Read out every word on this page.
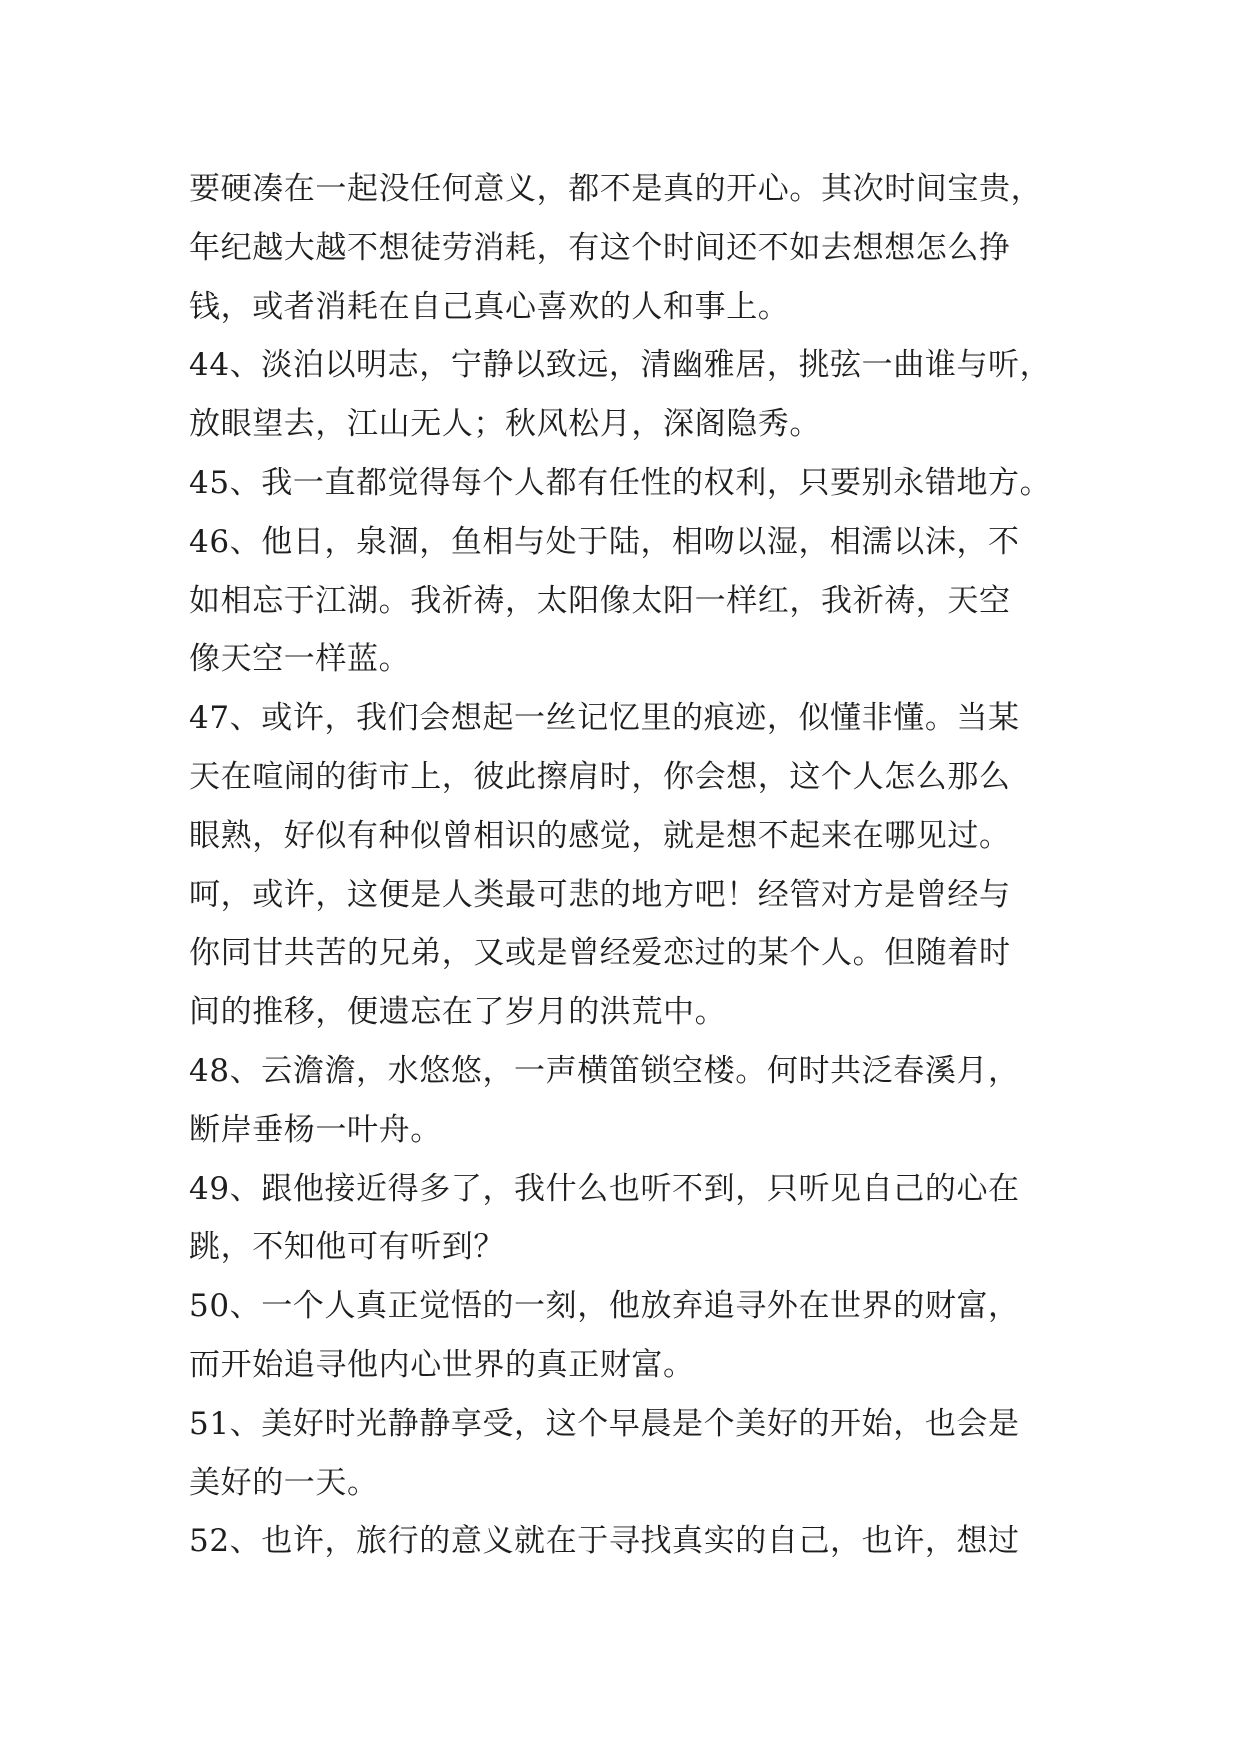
要硬凑在一起没任何意义，都不是真的开心。其次时间宝贵，
年纪越大越不想徒劳消耗，有这个时间还不如去想想怎么挣
钱，或者消耗在自己真心喜欢的人和事上。
44、淡泊以明志，宁静以致远，清幽雅居，挑弦一曲谁与听，
放眼望去，江山无人；秋风松月，深阁隐秀。
45、我一直都觉得每个人都有任性的权利，只要别永错地方。
46、他日，泉涸，鱼相与处于陆，相吻以湿，相濡以沫，不
如相忘于江湖。我祈祷，太阳像太阳一样红，我祈祷，天空
像天空一样蓝。
47、或许，我们会想起一丝记忆里的痕迹，似懂非懂。当某
天在喧闹的街市上，彼此擦肩时，你会想，这个人怎么那么
眼熟，好似有种似曾相识的感觉，就是想不起来在哪见过。
呵，或许，这便是人类最可悲的地方吧！经管对方是曾经与
你同甘共苦的兄弟，又或是曾经爱恋过的某个人。但随着时
间的推移，便遗忘在了岁月的洪荒中。
48、云澹澹，水悠悠，一声横笛锁空楼。何时共泛春溪月，
断岸垂杨一叶舟。
49、跟他接近得多了，我什么也听不到，只听见自己的心在
跳，不知他可有听到？
50、一个人真正觉悟的一刻，他放弃追寻外在世界的财富，
而开始追寻他内心世界的真正财富。
51、美好时光静静享受，这个早晨是个美好的开始，也会是
美好的一天。
52、也许，旅行的意义就在于寻找真实的自己，也许，想过
